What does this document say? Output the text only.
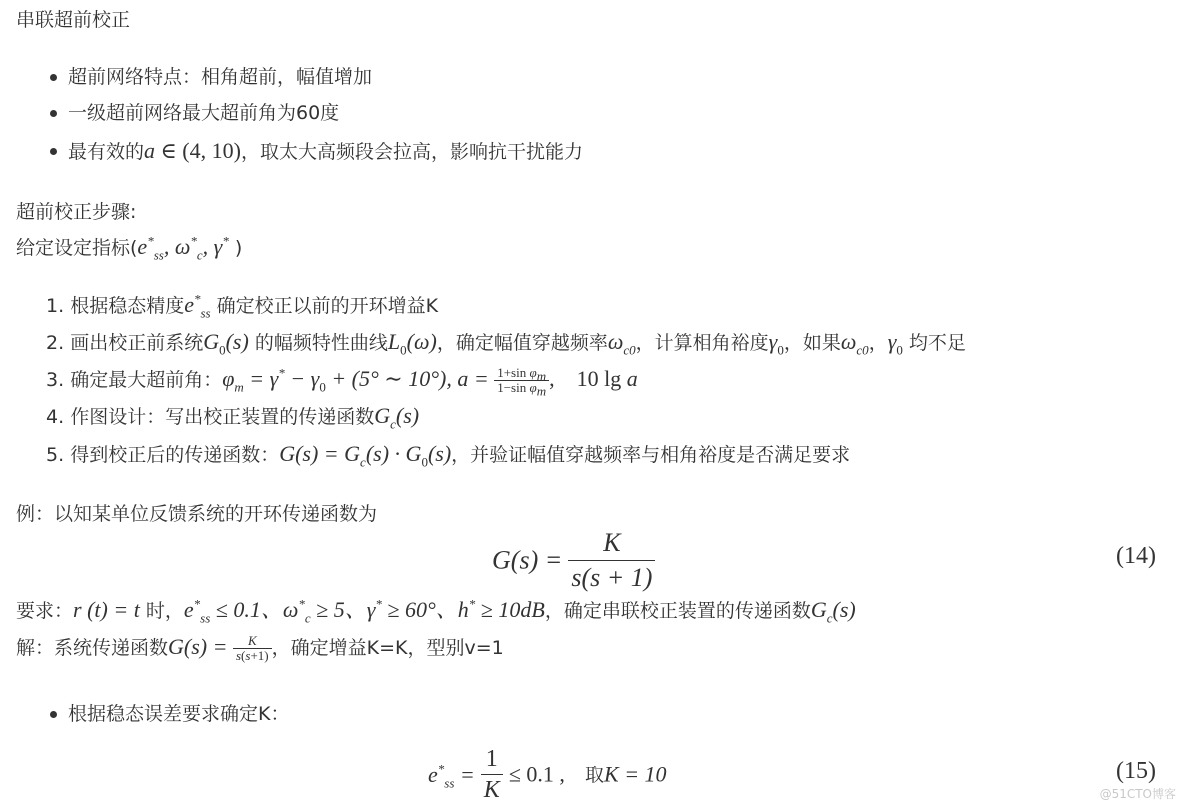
串联超前校正
超前网络特点：相角超前，幅值增加
一级超前网络最大超前角为60度
最有效的a ∈ (4, 10)，取太大高频段会拉高，影响抗干扰能力
超前校正步骤:
给定设定指标($e^*_{ss}$, $\omega^*_c$, γ* )
1. 根据稳态精度$e^*_{ss}$ 确定校正以前的开环增益K
2. 画出校正前系统$G_0(s)$ 的幅频特性曲线$L_0(\omega)$，确定幅值穿越频率$\omega_{c0}$，计算相角裕度$\gamma_0$，如果$\omega_{c0}$，$\gamma_0$ 均不足
3. 确定最大超前角：$\varphi_m = \gamma^* - \gamma_0 + (5^\circ$ ∼ 10°), $a = \frac{1+\sin \varphi_m}{1-\sin \varphi_m}$ ,    10 lg a
4. 作图设计：写出校正装置的传递函数$G_c(s)$
5. 得到校正后的传递函数：$G(s) = G_c(s) \cdot G_0(s)$，并验证幅值穿越频率与相角裕度是否满足要求
例：以知某单位反馈系统的开环传递函数为
$G(s) = \frac{K}{s(s + 1)}$	(14)
要求：r (t) = t 时，$e^*_{ss} \le 0.1$、$\omega^*_c \ge 5$、γ* ≥ 60°、h* ≥ 10dB，确定串联校正装置的传递函数$G_c(s)$
解：系统传递函数$G(s) = \frac{K}{s(s+1)}$ ，确定增益K=K，型别v=1
根据稳态误差要求确定K：
$e^*_{ss} = \frac{1}{K} \le 0.1$ , 取K = 10	(15)
@51CTO博客
